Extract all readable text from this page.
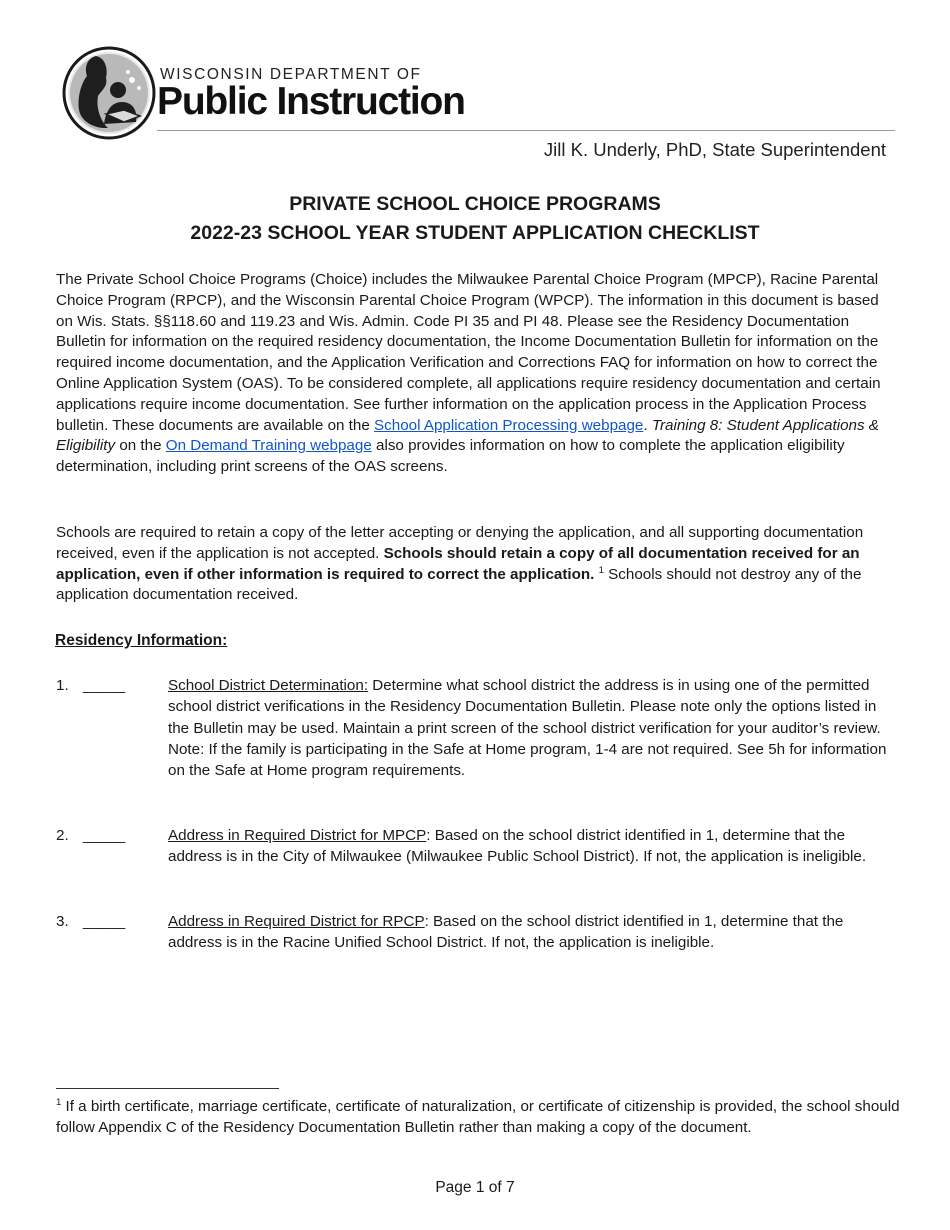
WISCONSIN DEPARTMENT OF
Public Instruction
Jill K. Underly, PhD, State Superintendent
PRIVATE SCHOOL CHOICE PROGRAMS
2022-23 SCHOOL YEAR STUDENT APPLICATION CHECKLIST

The Private School Choice Programs (Choice) includes the Milwaukee Parental Choice Program (MPCP), Racine Parental Choice Program (RPCP), and the Wisconsin Parental Choice Program (WPCP). The information in this document is based on Wis. Stats. §§118.60 and 119.23 and Wis. Admin. Code PI 35 and PI 48. Please see the Residency Documentation Bulletin for information on the required residency documentation, the Income Documentation Bulletin for information on the required income documentation, and the Application Verification and Corrections FAQ for information on how to correct the Online Application System (OAS). To be considered complete, all applications require residency documentation and certain applications require income documentation. See further information on the application process in the Application Process bulletin. These documents are available on the School Application Processing webpage. Training 8: Student Applications & Eligibility on the On Demand Training webpage also provides information on how to complete the application eligibility determination, including print screens of the OAS screens.

Schools are required to retain a copy of the letter accepting or denying the application, and all supporting documentation received, even if the application is not accepted. Schools should retain a copy of all documentation received for an application, even if other information is required to correct the application. $^1$ Schools should not destroy any of the application documentation received.

Residency Information:
1. _____	School District Determination: Determine what school district the address is in using one of the permitted school district verifications in the Residency Documentation Bulletin. Please note only the options listed in the Bulletin may be used. Maintain a print screen of the school district verification for your auditor’s review. Note: If the family is participating in the Safe at Home program, 1-4 are not required. See 5h for information on the Safe at Home program requirements.
2. _____	Address in Required District for MPCP: Based on the school district identified in 1, determine that the address is in the City of Milwaukee (Milwaukee Public School District). If not, the application is ineligible.
3. _____	Address in Required District for RPCP: Based on the school district identified in 1, determine that the address is in the Racine Unified School District. If not, the application is ineligible.

$^1$ If a birth certificate, marriage certificate, certificate of naturalization, or certificate of citizenship is provided, the school should follow Appendix C of the Residency Documentation Bulletin rather than making a copy of the document.

Page 1 of 7
